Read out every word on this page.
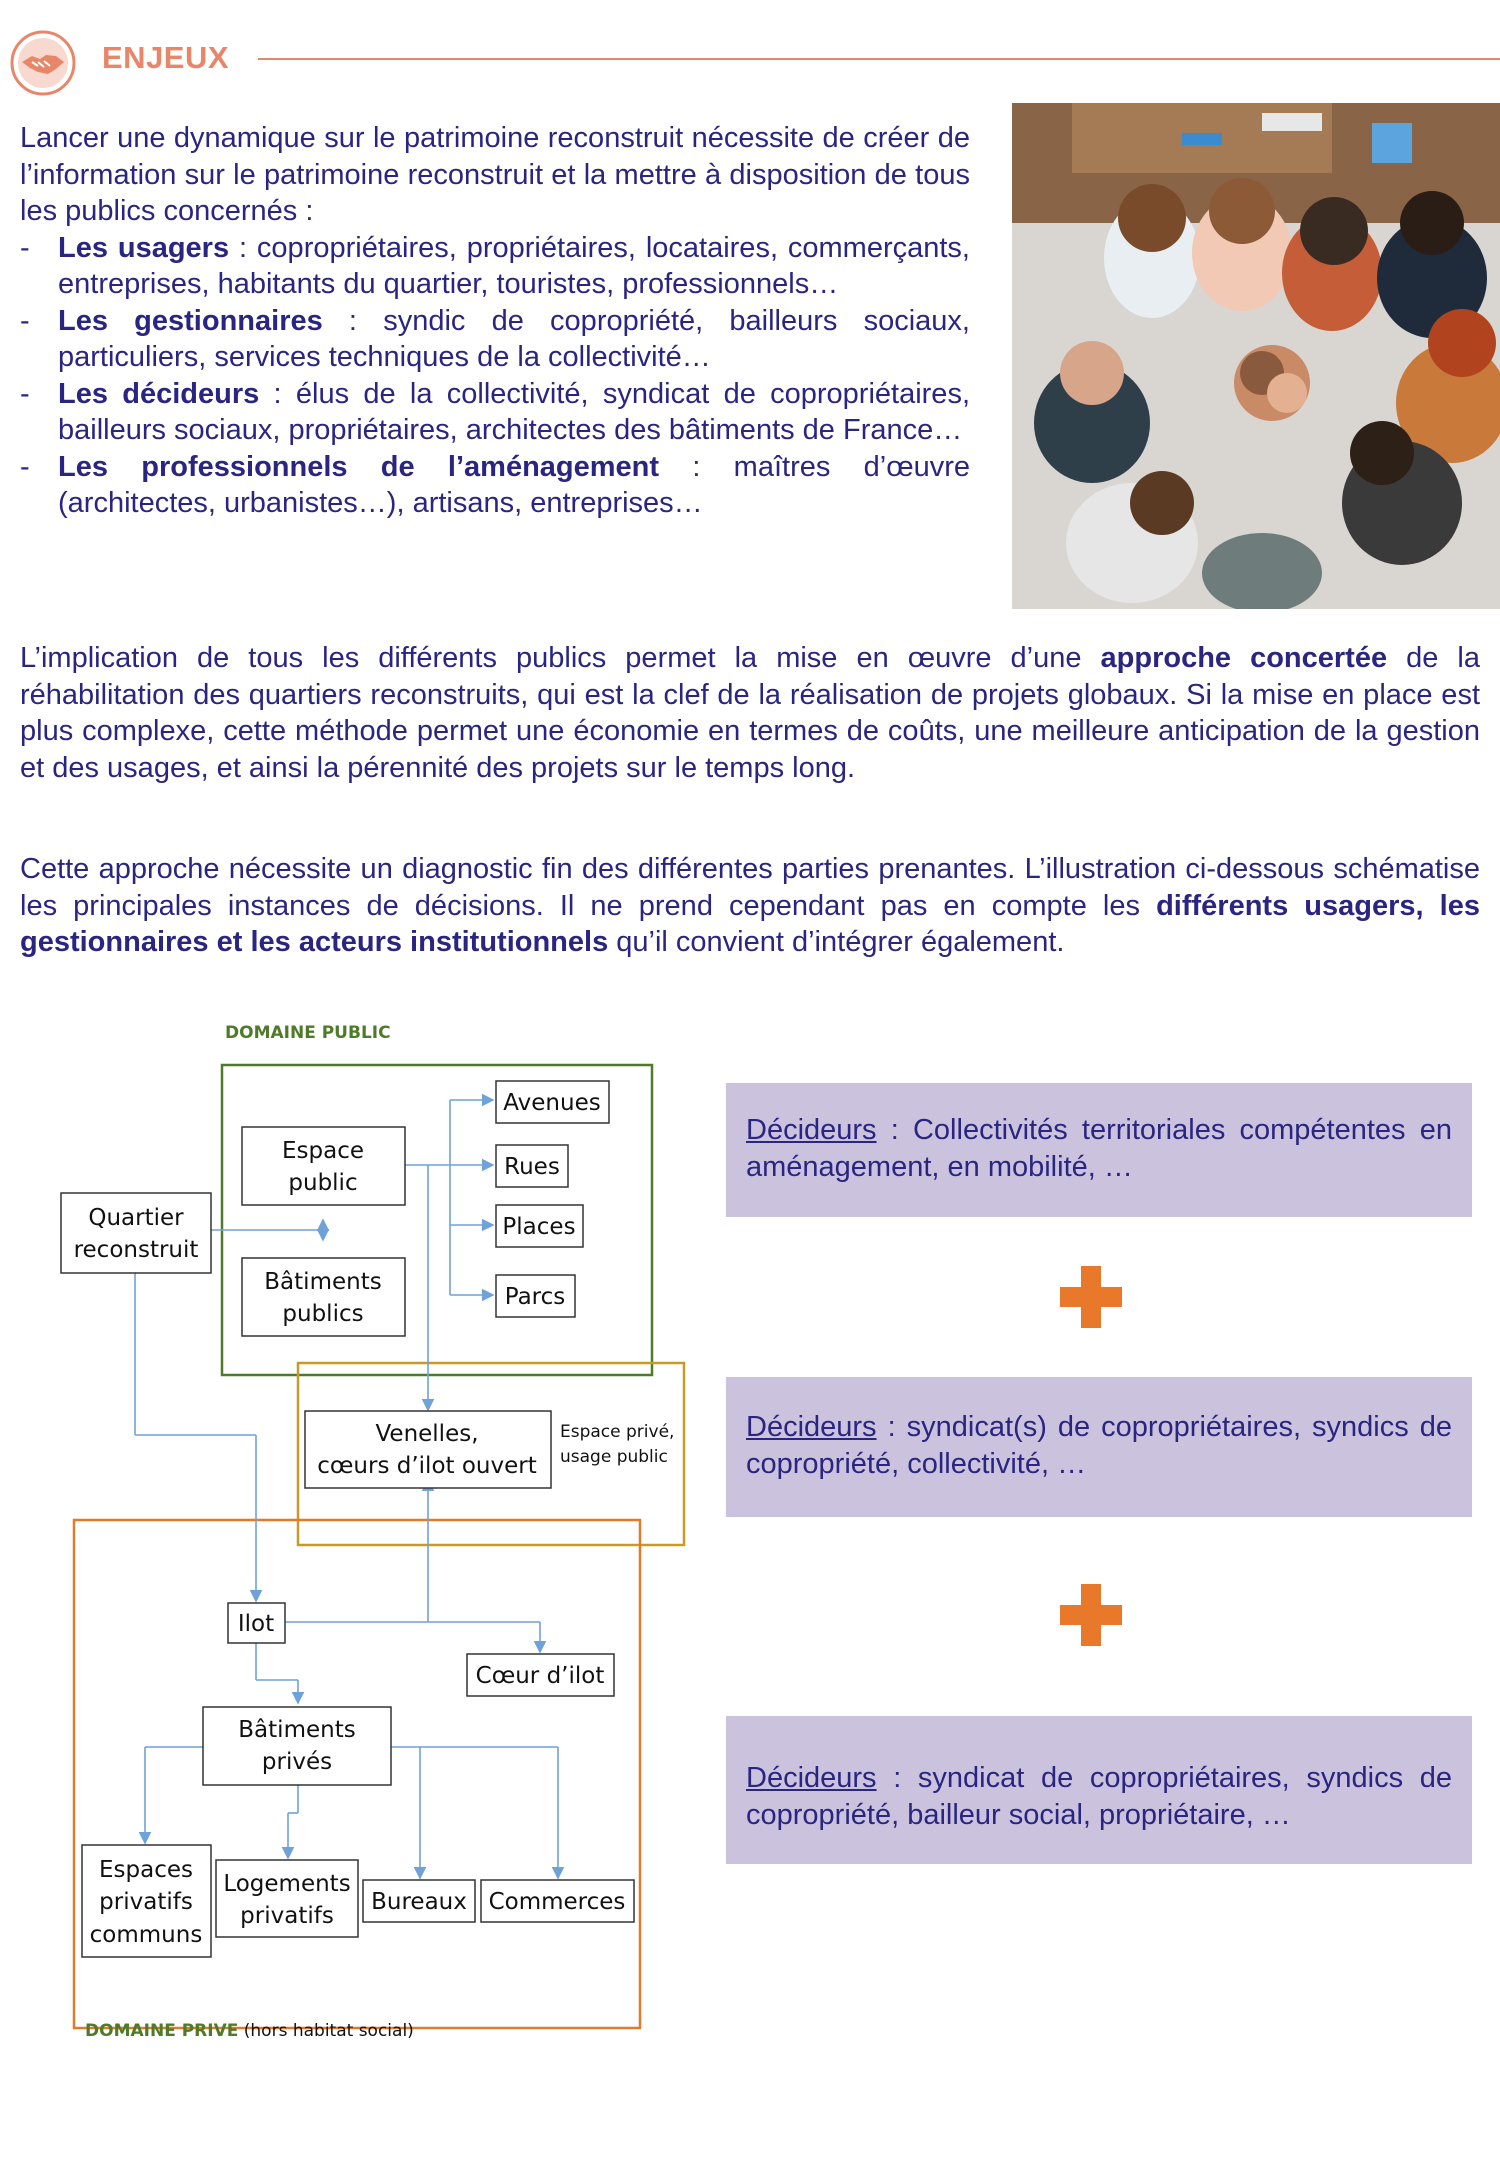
ENJEUX

Lancer une dynamique sur le patrimoine reconstruit nécessite de créer de l’information sur le patrimoine reconstruit et la mettre à disposition de tous les publics concernés :

- Les usagers : copropriétaires, propriétaires, locataires, commerçants, entreprises, habitants du quartier, touristes, professionnels…
- Les gestionnaires : syndic de copropriété, bailleurs sociaux, particuliers, services techniques de la collectivité…
- Les décideurs : élus de la collectivité, syndicat de copropriétaires, bailleurs sociaux, propriétaires, architectes des bâtiments de France…
- Les professionnels de l’aménagement : maîtres d’œuvre (architectes, urbanistes…), artisans, entreprises…

L’implication de tous les différents publics permet la mise en œuvre d’une approche concertée de la réhabilitation des quartiers reconstruits, qui est la clef de la réalisation de projets globaux. Si la mise en place est plus complexe, cette méthode permet une économie en termes de coûts, une meilleure anticipation de la gestion et des usages, et ainsi la pérennité des projets sur le temps long.

Cette approche nécessite un diagnostic fin des différentes parties prenantes. L’illustration ci-dessous schématise les principales instances de décisions. Il ne prend cependant pas en compte les différents usagers, les gestionnaires et les acteurs institutionnels qu’il convient d’intégrer également.

DOMAINE PUBLIC
DOMAINE PRIVE (hors habitat social)
Quartier
reconstruit
Espace
public
Bâtiments
publics
Avenues
Rues
Places
Parcs
Venelles,
cœurs d’ilot ouvert
Ilot
Cœur d’ilot
Bâtiments
privés
Espaces
privatifs
communs
Logements
privatifs
Bureaux Commerces
Espace privé,
usage public
Décideurs : Collectivités territoriales compétentes en aménagement, en mobilité, …
Décideurs : syndicat(s) de copropriétaires, syndics de copropriété, collectivité, …
Décideurs : syndicat de copropriétaires, syndics de copropriété, bailleur social, propriétaire, …
